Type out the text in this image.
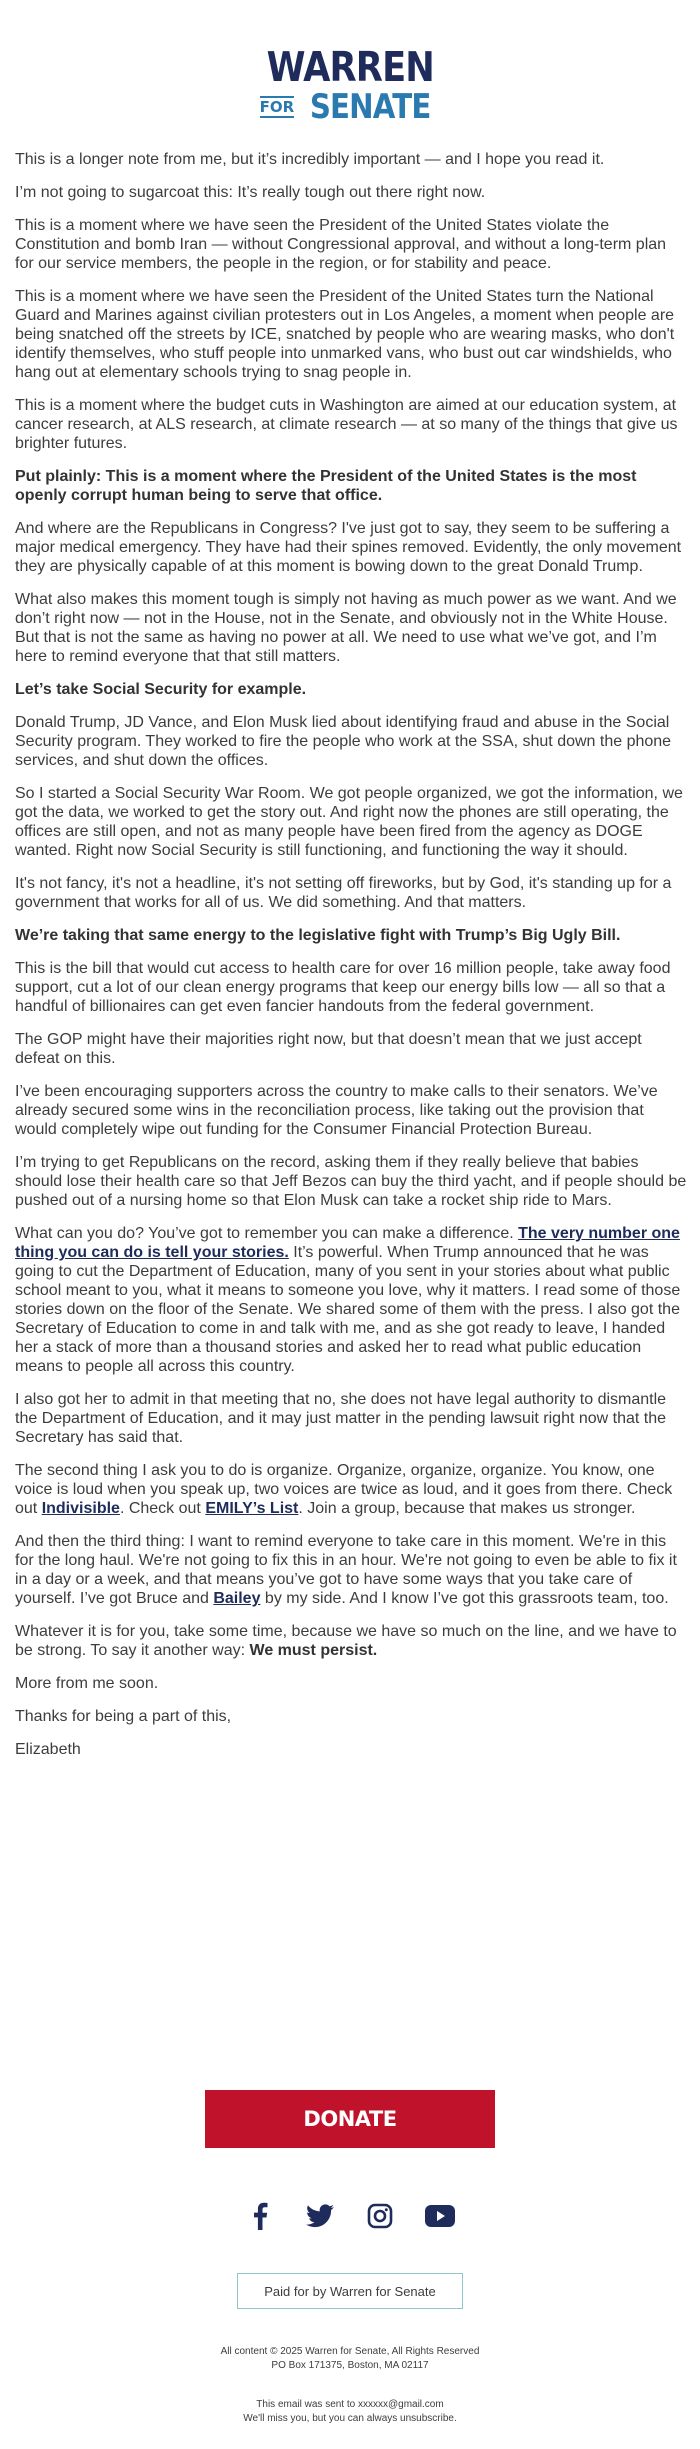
WARREN
FOR SENATE

This is a longer note from me, but it’s incredibly important — and I hope you read it.

I’m not going to sugarcoat this: It’s really tough out there right now.

This is a moment where we have seen the President of the United States violate the Constitution and bomb Iran — without Congressional approval, and without a long-term plan for our service members, the people in the region, or for stability and peace.

This is a moment where we have seen the President of the United States turn the National Guard and Marines against civilian protesters out in Los Angeles, a moment when people are being snatched off the streets by ICE, snatched by people who are wearing masks, who don't identify themselves, who stuff people into unmarked vans, who bust out car windshields, who hang out at elementary schools trying to snag people in.

This is a moment where the budget cuts in Washington are aimed at our education system, at cancer research, at ALS research, at climate research — at so many of the things that give us brighter futures.

Put plainly: This is a moment where the President of the United States is the most openly corrupt human being to serve that office.

And where are the Republicans in Congress? I've just got to say, they seem to be suffering a major medical emergency. They have had their spines removed. Evidently, the only movement they are physically capable of at this moment is bowing down to the great Donald Trump.

What also makes this moment tough is simply not having as much power as we want. And we don’t right now — not in the House, not in the Senate, and obviously not in the White House. But that is not the same as having no power at all. We need to use what we’ve got, and I’m here to remind everyone that that still matters.

Let’s take Social Security for example.

Donald Trump, JD Vance, and Elon Musk lied about identifying fraud and abuse in the Social Security program. They worked to fire the people who work at the SSA, shut down the phone services, and shut down the offices.

So I started a Social Security War Room. We got people organized, we got the information, we got the data, we worked to get the story out. And right now the phones are still operating, the offices are still open, and not as many people have been fired from the agency as DOGE wanted. Right now Social Security is still functioning, and functioning the way it should.

It's not fancy, it's not a headline, it's not setting off fireworks, but by God, it's standing up for a government that works for all of us. We did something. And that matters.

We’re taking that same energy to the legislative fight with Trump’s Big Ugly Bill.

This is the bill that would cut access to health care for over 16 million people, take away food support, cut a lot of our clean energy programs that keep our energy bills low — all so that a handful of billionaires can get even fancier handouts from the federal government.

The GOP might have their majorities right now, but that doesn’t mean that we just accept defeat on this.

I’ve been encouraging supporters across the country to make calls to their senators. We’ve already secured some wins in the reconciliation process, like taking out the provision that would completely wipe out funding for the Consumer Financial Protection Bureau.

I’m trying to get Republicans on the record, asking them if they really believe that babies should lose their health care so that Jeff Bezos can buy the third yacht, and if people should be pushed out of a nursing home so that Elon Musk can take a rocket ship ride to Mars.

What can you do? You’ve got to remember you can make a difference. The very number one thing you can do is tell your stories. It’s powerful. When Trump announced that he was going to cut the Department of Education, many of you sent in your stories about what public school meant to you, what it means to someone you love, why it matters. I read some of those stories down on the floor of the Senate. We shared some of them with the press. I also got the Secretary of Education to come in and talk with me, and as she got ready to leave, I handed her a stack of more than a thousand stories and asked her to read what public education means to people all across this country.

I also got her to admit in that meeting that no, she does not have legal authority to dismantle the Department of Education, and it may just matter in the pending lawsuit right now that the Secretary has said that.

The second thing I ask you to do is organize. Organize, organize, organize. You know, one voice is loud when you speak up, two voices are twice as loud, and it goes from there. Check out Indivisible. Check out EMILY’s List. Join a group, because that makes us stronger.

And then the third thing: I want to remind everyone to take care in this moment. We're in this for the long haul. We're not going to fix this in an hour. We're not going to even be able to fix it in a day or a week, and that means you’ve got to have some ways that you take care of yourself. I’ve got Bruce and Bailey by my side. And I know I’ve got this grassroots team, too.

Whatever it is for you, take some time, because we have so much on the line, and we have to be strong. To say it another way: We must persist.

More from me soon.

Thanks for being a part of this,

Elizabeth

DONATE
Paid for by Warren for Senate
All content © 2025 Warren for Senate, All Rights Reserved
PO Box 171375, Boston, MA 02117
This email was sent to xxxxxx@gmail.com
We'll miss you, but you can always unsubscribe.
